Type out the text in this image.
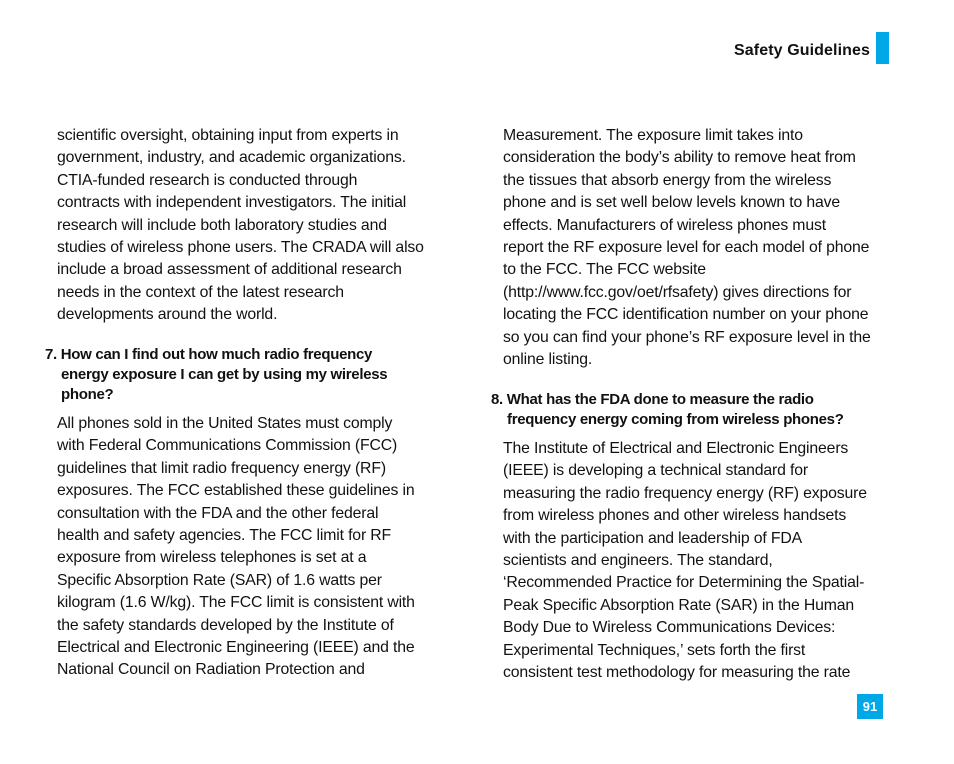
Safety Guidelines
scientific oversight, obtaining input from experts in
government, industry, and academic organizations.
CTIA-funded research is conducted through
contracts with independent investigators. The initial
research will include both laboratory studies and
studies of wireless phone users. The CRADA will also
include a broad assessment of additional research
needs in the context of the latest research
developments around the world.
7. How can I find out how much radio frequency
energy exposure I can get by using my wireless
phone?
All phones sold in the United States must comply
with Federal Communications Commission (FCC)
guidelines that limit radio frequency energy (RF)
exposures. The FCC established these guidelines in
consultation with the FDA and the other federal
health and safety agencies. The FCC limit for RF
exposure from wireless telephones is set at a
Specific Absorption Rate (SAR) of 1.6 watts per
kilogram (1.6 W/kg). The FCC limit is consistent with
the safety standards developed by the Institute of
Electrical and Electronic Engineering (IEEE) and the
National Council on Radiation Protection and
Measurement. The exposure limit takes into
consideration the body’s ability to remove heat from
the tissues that absorb energy from the wireless
phone and is set well below levels known to have
effects. Manufacturers of wireless phones must
report the RF exposure level for each model of phone
to the FCC. The FCC website
(http://www.fcc.gov/oet/rfsafety) gives directions for
locating the FCC identification number on your phone
so you can find your phone’s RF exposure level in the
online listing.
8. What has the FDA done to measure the radio
frequency energy coming from wireless phones?
The Institute of Electrical and Electronic Engineers
(IEEE) is developing a technical standard for
measuring the radio frequency energy (RF) exposure
from wireless phones and other wireless handsets
with the participation and leadership of FDA
scientists and engineers. The standard,
‘Recommended Practice for Determining the Spatial-
Peak Specific Absorption Rate (SAR) in the Human
Body Due to Wireless Communications Devices:
Experimental Techniques,’ sets forth the first
consistent test methodology for measuring the rate
91
